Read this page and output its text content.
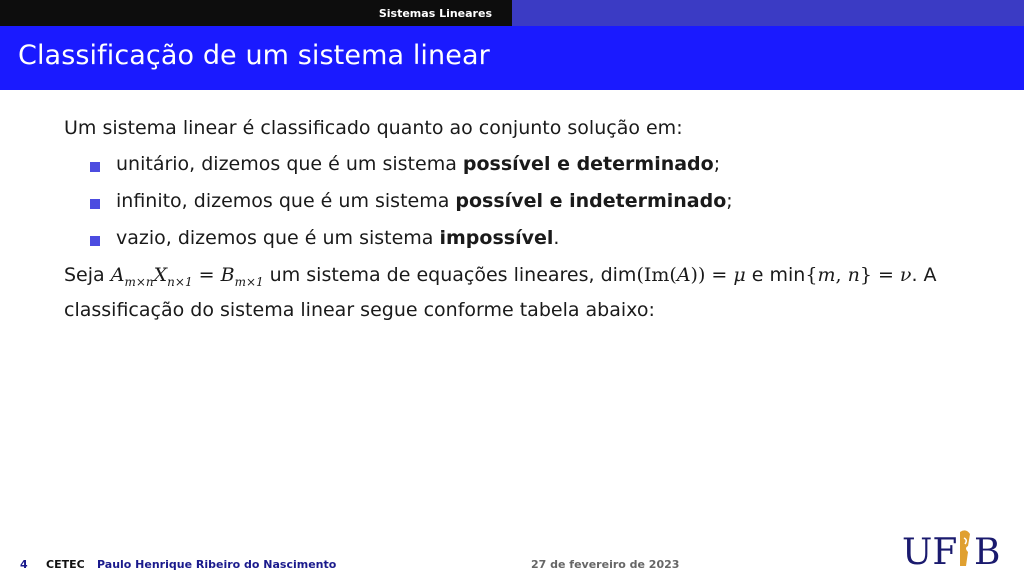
Sistemas Lineares
Classificação de um sistema linear

Um sistema linear é classificado quanto ao conjunto solução em:

unitário, dizemos que é um sistema possível e determinado;
infinito, dizemos que é um sistema possível e indeterminado;
vazio, dizemos que é um sistema impossível.

Seja $A_{m\times n}X_{n\times 1} = B_{m\times 1}$ um sistema de equações lineares, dim(Im(A)) = μ e min{m, n} = ν. A classificação do sistema linear segue conforme tabela abaixo:

4 CETEC Paulo Henrique Ribeiro do Nascimento	27 de fevereiro de 2023	UF B
